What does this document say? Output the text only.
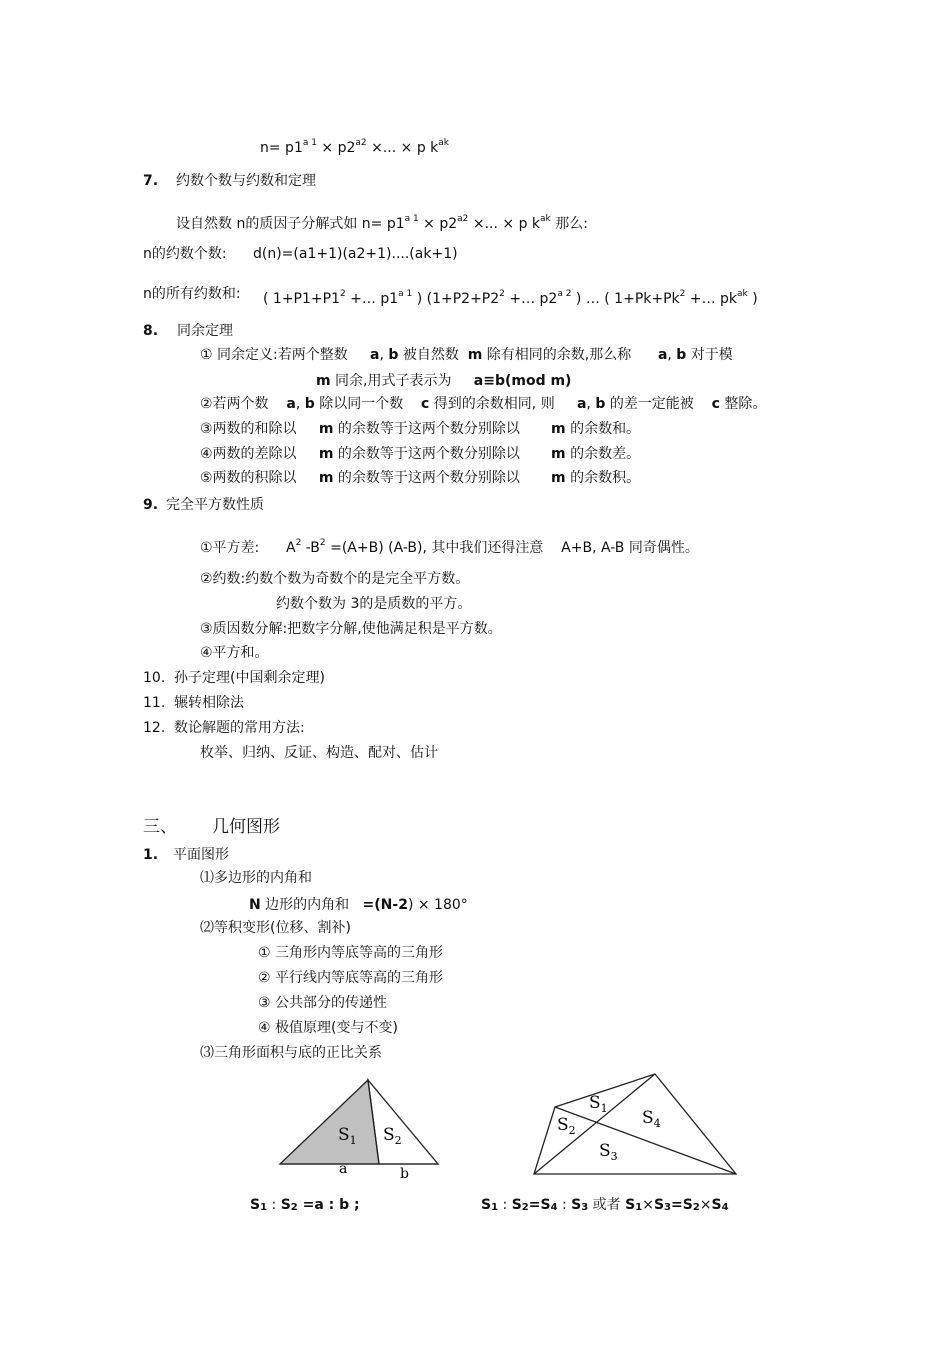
$n= p1^{a 1} \times p2^{a2}$ ×... × p $k^{ak}$
7. 约数个数与约数和定理
设自然数 n的质因子分解式如 $n= p1^{a 1} \times p2^{a2}$ ×... × p $k^{ak}$ 那么:
n的约数个数: d(n)=(a1+1)(a2+1)....(ak+1)
n的所有约数和: ( $1+P1+P1^2$ +… $p1^{a 1}$ ) ($1+P2+P2^2$ +… $p2^{a 2}$ ) … ( $1+Pk+Pk^2$ +… $pk^{ak}$ )
8. 同余定理
① 同余定义:若两个整数 a, b 被自然数 m 除有相同的余数,那么称 a, b 对于模
m 同余,用式子表示为 a≡b(mod m)
②若两个数 a, b 除以同一个数 c 得到的余数相同, 则 a, b 的差一定能被 c 整除。
③两数的和除以 m 的余数等于这两个数分别除以 m 的余数和。
④两数的差除以 m 的余数等于这两个数分别除以 m 的余数差。
⑤两数的积除以 m 的余数等于这两个数分别除以 m 的余数积。
9. 完全平方数性质
①平方差: $A^2$ $-B^2 =(A+B)$ (A-B), 其中我们还得注意 A+B, A-B 同奇偶性。
②约数:约数个数为奇数个的是完全平方数。
约数个数为 3的是质数的平方。
③质因数分解:把数字分解,使他满足积是平方数。
④平方和。
10. 孙子定理(中国剩余定理)
11. 辗转相除法
12. 数论解题的常用方法:
枚举、归纳、反证、构造、配对、估计
三、 几何图形
1. 平面图形
⑴多边形的内角和
N 边形的内角和 =(N-2) × 180°
⑵等积变形(位移、割补)
① 三角形内等底等高的三角形
② 平行线内等底等高的三角形
③ 公共部分的传递性
④ 极值原理(变与不变)
⑶三角形面积与底的正比关系
$S_1$ $S_2$
a	b
$S_1$
$S_2$
$S_3$
$S_4$
$S_1$ : $S_2 =a$ : b ;	$S_1$ : $S_2=S_4$ : $S_3$ 或者 $S_1\times S_3=S_2\times S_4$
